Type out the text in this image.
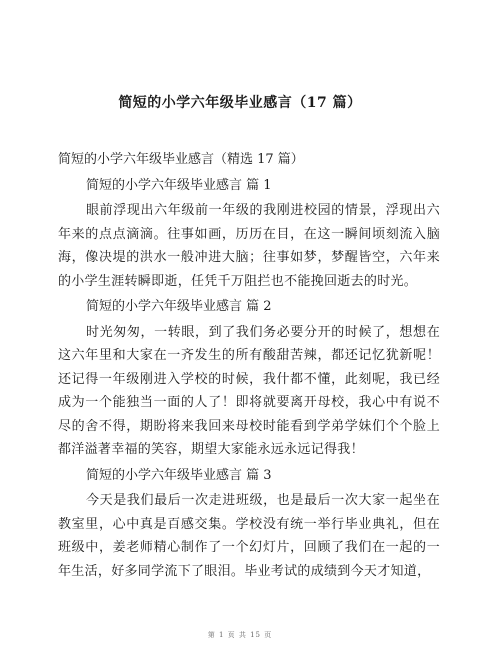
简短的小学六年级毕业感言（17 篇）

简短的小学六年级毕业感言（精选 17 篇）

简短的小学六年级毕业感言 篇 1

眼前浮现出六年级前一年级的我刚进校园的情景，浮现出六年来的点点滴滴。往事如画，历历在目，在这一瞬间顷刻流入脑海，像决堤的洪水一般冲进大脑；往事如梦，梦醒皆空，六年来的小学生涯转瞬即逝，任凭千万阻拦也不能挽回逝去的时光。

简短的小学六年级毕业感言 篇 2

时光匆匆，一转眼，到了我们务必要分开的时候了，想想在这六年里和大家在一齐发生的所有酸甜苦辣，都还记忆犹新呢！还记得一年级刚进入学校的时候，我什都不懂，此刻呢，我已经成为一个能独当一面的人了！即将就要离开母校，我心中有说不尽的舍不得，期盼将来我回来母校时能看到学弟学妹们个个脸上都洋溢著幸福的笑容，期望大家能永远永远记得我！

简短的小学六年级毕业感言 篇 3

今天是我们最后一次走进班级，也是最后一次大家一起坐在教室里，心中真是百感交集。学校没有统一举行毕业典礼，但在班级中，姜老师精心制作了一个幻灯片，回顾了我们在一起的一年生活，好多同学流下了眼泪。毕业考试的成绩到今天才知道，

第 1 页 共 15 页
